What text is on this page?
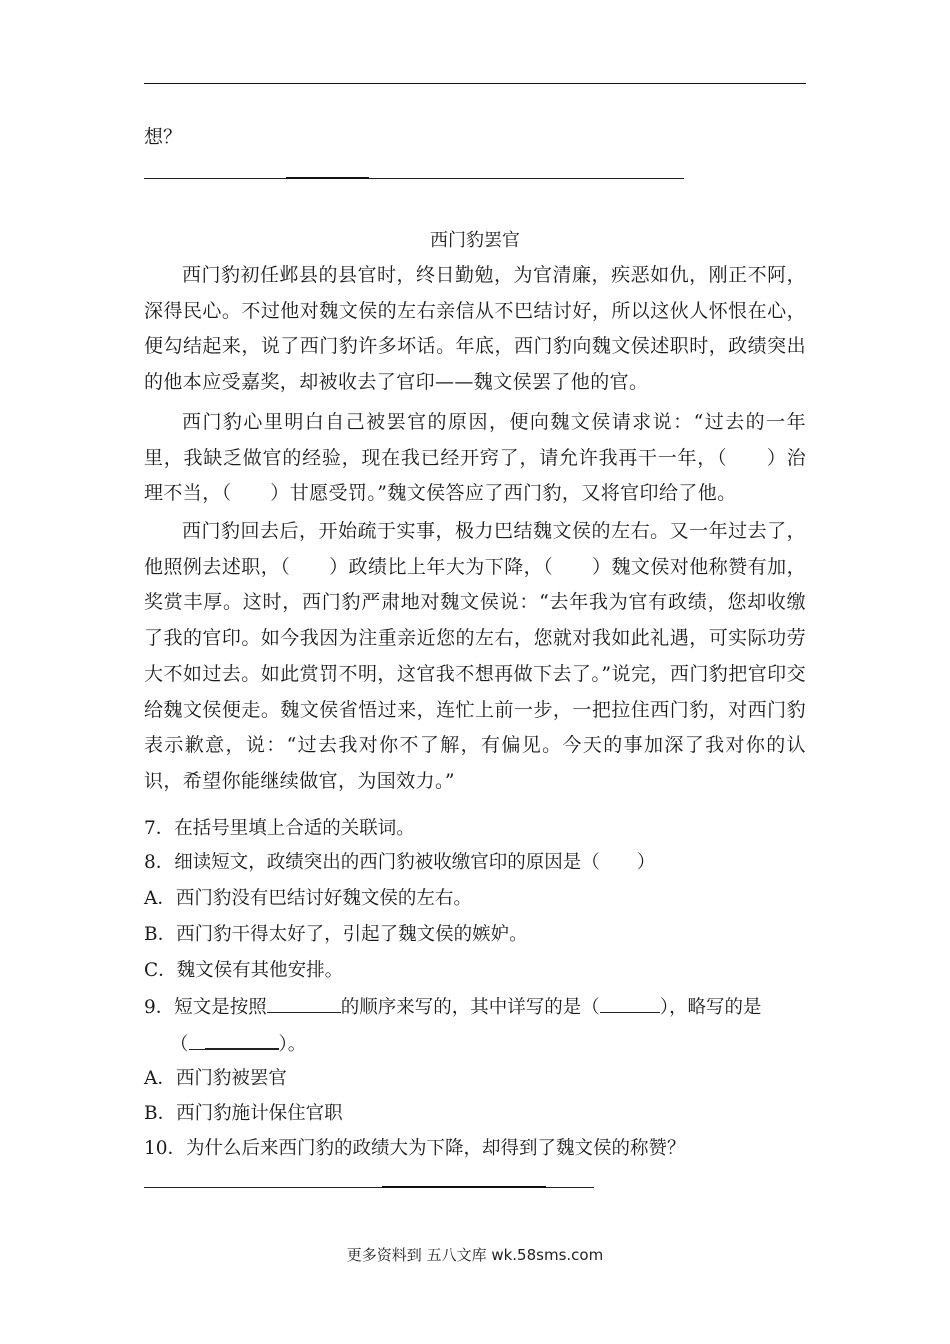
想？
西门豹罢官
西门豹初任邺县的县官时，终日勤勉，为官清廉，疾恶如仇，刚正不阿，深得民心。不过他对魏文侯的左右亲信从不巴结讨好，所以这伙人怀恨在心，便勾结起来，说了西门豹许多坏话。年底，西门豹向魏文侯述职时，政绩突出的他本应受嘉奖，却被收去了官印——魏文侯罢了他的官。
西门豹心里明白自己被罢官的原因，便向魏文侯请求说：“过去的一年里，我缺乏做官的经验，现在我已经开窍了，请允许我再干一年，（　　）治理不当，（　　）甘愿受罚。”魏文侯答应了西门豹，又将官印给了他。
西门豹回去后，开始疏于实事，极力巴结魏文侯的左右。又一年过去了，他照例去述职，（　　）政绩比上年大为下降，（　　）魏文侯对他称赞有加，奖赏丰厚。这时，西门豹严肃地对魏文侯说：“去年我为官有政绩，您却收缴了我的官印。如今我因为注重亲近您的左右，您就对我如此礼遇，可实际功劳大不如过去。如此赏罚不明，这官我不想再做下去了。”说完，西门豹把官印交给魏文侯便走。魏文侯省悟过来，连忙上前一步，一把拉住西门豹，对西门豹表示歉意，说：“过去我对你不了解，有偏见。今天的事加深了我对你的认识，希望你能继续做官，为国效力。”
7．在括号里填上合适的关联词。
8．细读短文，政绩突出的西门豹被收缴官印的原因是（　　）
A．西门豹没有巴结讨好魏文侯的左右。
B．西门豹干得太好了，引起了魏文侯的嫉妒。
C．魏文侯有其他安排。
9．短文是按照	的顺序来写的，其中详写的是（	），略写的是
（	）。
A．西门豹被罢官
B．西门豹施计保住官职
10．为什么后来西门豹的政绩大为下降，却得到了魏文侯的称赞？
更多资料到 五八文库 wk.58sms.com
